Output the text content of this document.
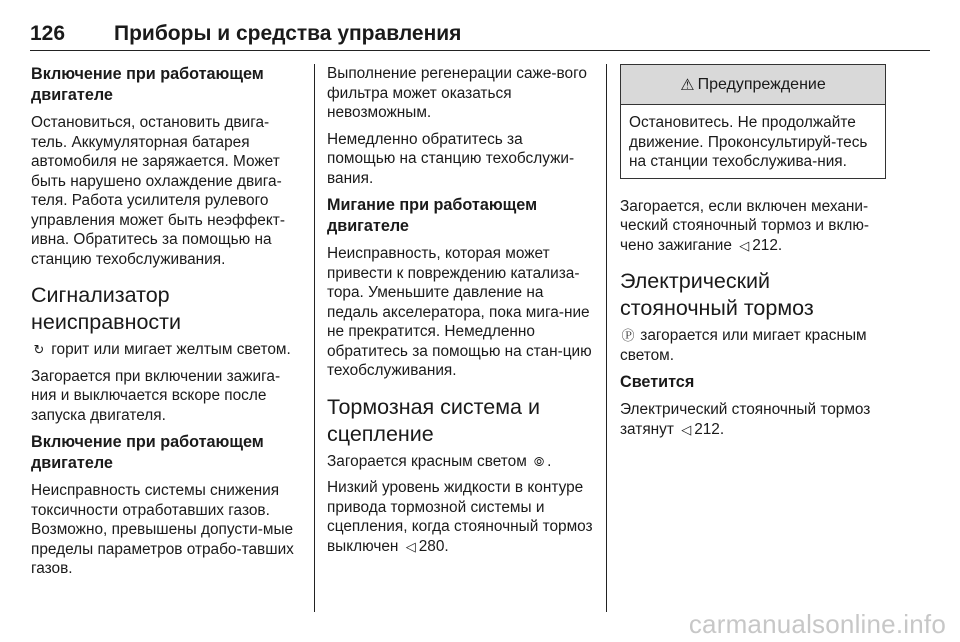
126 Приборы и средства управления
Включение при работающем двигателе

Остановиться, остановить двига-тель. Аккумуляторная батарея автомобиля не заряжается. Может быть нарушено охлаждение двига-теля. Работа усилителя рулевого управления может быть неэффект-ивна. Обратитесь за помощью на станцию техобслуживания.

Сигнализатор неисправности

↻ горит или мигает желтым светом.

Загорается при включении зажига-ния и выключается вскоре после запуска двигателя.

Включение при работающем двигателе

Неисправность системы снижения токсичности отработавших газов. Возможно, превышены допусти-мые пределы параметров отрабо-тавших газов.

Выполнение регенерации саже-вого фильтра может оказаться невозможным.

Немедленно обратитесь за помощью на станцию техобслужи-вания.

Мигание при работающем двигателе

Неисправность, которая может привести к повреждению катализа-тора. Уменьшите давление на педаль акселератора, пока мига-ние не прекратится. Немедленно обратитесь за помощью на стан-цию техобслуживания.

Тормозная система и сцепление

Загорается красным светом ⦾ .

Низкий уровень жидкости в контуре привода тормозной системы и сцепления, когда стояночный тормоз выключен ◁ 280.

⚠ Предупреждение

Остановитесь. Не продолжайте движение. Проконсультируй-тесь на станции техобслужива-ния.

Загорается, если включен механи-ческий стояночный тормоз и вклю-чено зажигание ◁ 212.

Электрический стояночный тормоз

Ⓟ загорается или мигает красным светом.

Светится

Электрический стояночный тормоз затянут ◁ 212.

carmanualsonline.info
